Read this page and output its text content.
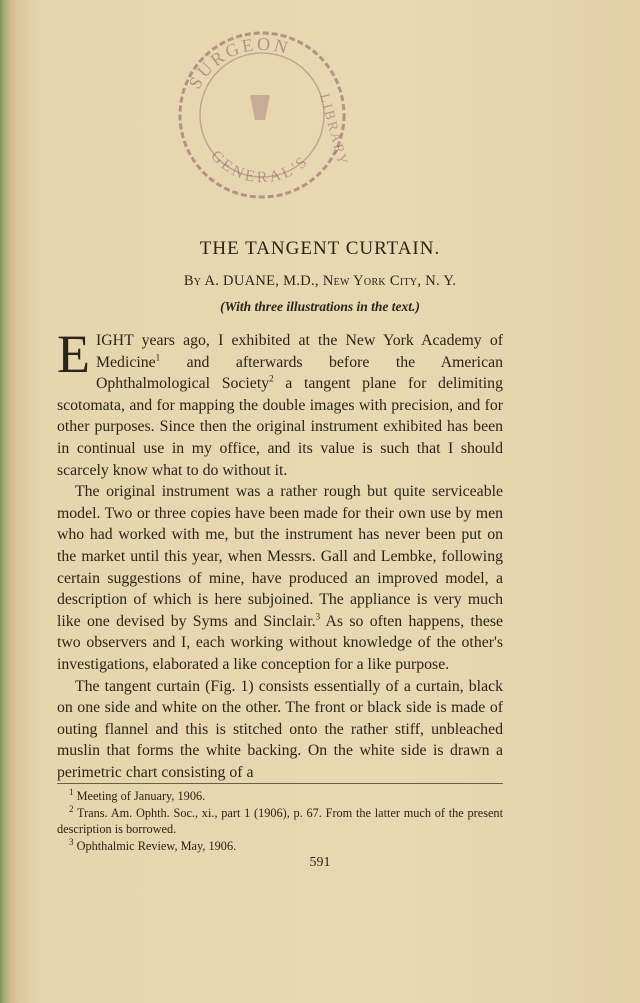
SURGEON
GENERAL'S LIBRARY
THE TANGENT CURTAIN.
By A. DUANE, M.D., New York City, N. Y.
(With three illustrations in the text.)

EIGHT years ago, I exhibited at the New York Academy of Medicine$^1$ and afterwards before the American Ophthalmological Society$^2$ a tangent plane for delimiting scotomata, and for mapping the double images with precision, and for other purposes. Since then the original instrument exhibited has been in continual use in my office, and its value is such that I should scarcely know what to do without it.

The original instrument was a rather rough but quite serviceable model. Two or three copies have been made for their own use by men who had worked with me, but the instrument has never been put on the market until this year, when Messrs. Gall and Lembke, following certain suggestions of mine, have produced an improved model, a description of which is here subjoined. The appliance is very much like one devised by Syms and Sinclair.$^3$ As so often happens, these two observers and I, each working without knowledge of the other's investigations, elaborated a like conception for a like purpose.

The tangent curtain (Fig. 1) consists essentially of a curtain, black on one side and white on the other. The front or black side is made of outing flannel and this is stitched onto the rather stiff, unbleached muslin that forms the white backing. On the white side is drawn a perimetric chart consisting of a

$^1$ Meeting of January, 1906.

$^2$ Trans. Am. Ophth. Soc., xi., part 1 (1906), p. 67. From the latter much of the present description is borrowed.

$^3$ Ophthalmic Review, May, 1906.

591
